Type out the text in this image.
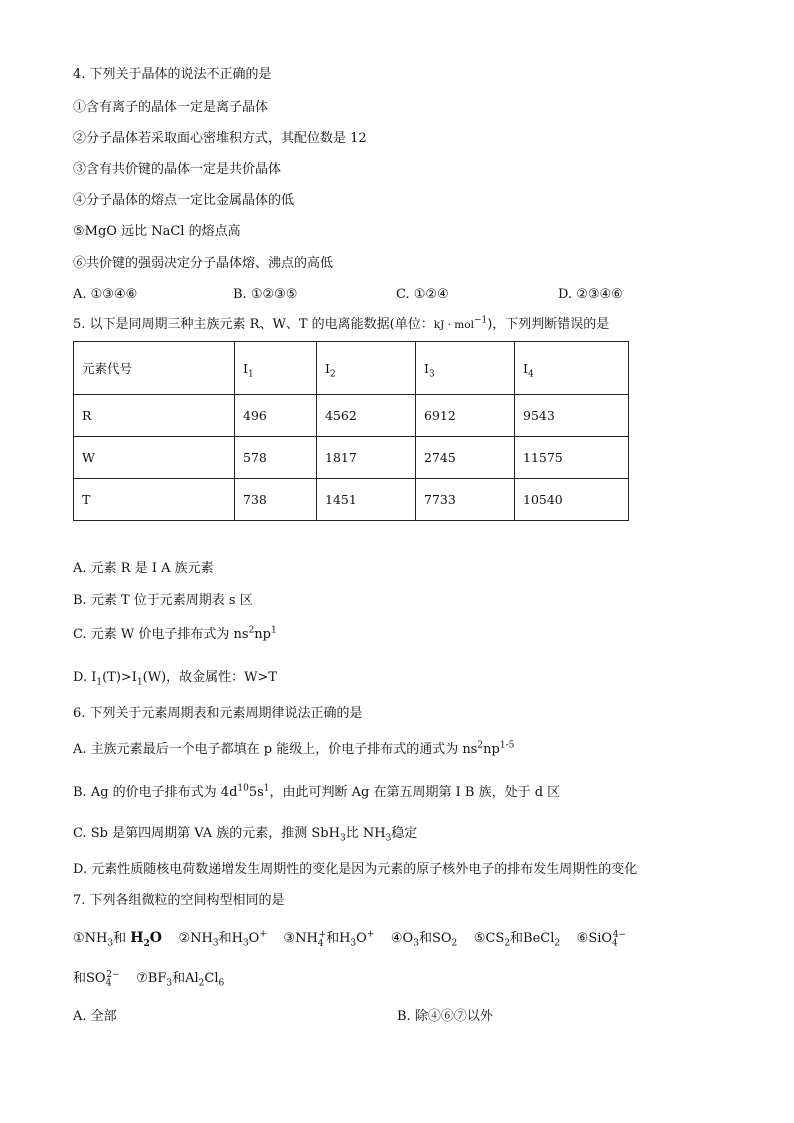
4. 下列关于晶体的说法不正确的是
①含有离子的晶体一定是离子晶体
②分子晶体若采取面心密堆积方式，其配位数是 12
③含有共价键的晶体一定是共价晶体
④分子晶体的熔点一定比金属晶体的低
⑤MgO 远比 NaCl 的熔点高
⑥共价键的强弱决定分子晶体熔、沸点的高低
A. ①③④⑥	B. ①②③⑤	C. ①②④	D. ②③④⑥
5. 以下是同周期三种主族元素 R、W、T 的电离能数据(单位：kJ · mol$^{-1}$)，下列判断错误的是
元素代号	$I_1$	$I_2$	$I_3$	$I_4$
R	496	4562	6912	9543
W	578	1817	2745	11575
T	738	1451	7733	10540
A. 元素 R 是 I A 族元素
B. 元素 T 位于元素周期表 s 区
C. 元素 W 价电子排布式为 $ns^2np^1$
D. $I_1(T)>I_1(W)$，故金属性：W>T
6. 下列关于元素周期表和元素周期律说法正确的是
A. 主族元素最后一个电子都填在 p 能级上，价电子排布式的通式为 $ns^2np^{1-5}$
B. Ag 的价电子排布式为 $4d^{10}5s^1$，由此可判断 Ag 在第五周期第 I B 族，处于 d 区
C. Sb 是第四周期第 VA 族的元素，推测 SbH$_3$比 $NH_3$稳定
D. 元素性质随核电荷数递增发生周期性的变化是因为元素的原子核外电子的排布发生周期性的变化
7. 下列各组微粒的空间构型相同的是
$①NH_3$和 $H_2O$    $②NH_3$和$H_3O^+$    $③NH_4^+$和$H_3O^+$    $④O_3$和$SO_2$    $⑤CS_2$和BeCl$_2$    ⑥SiO$_4^{4-}$
和$SO_4^{2-}$    $⑦BF_3$和$Al_2Cl_6$
A. 全部	B. 除④⑥⑦以外
